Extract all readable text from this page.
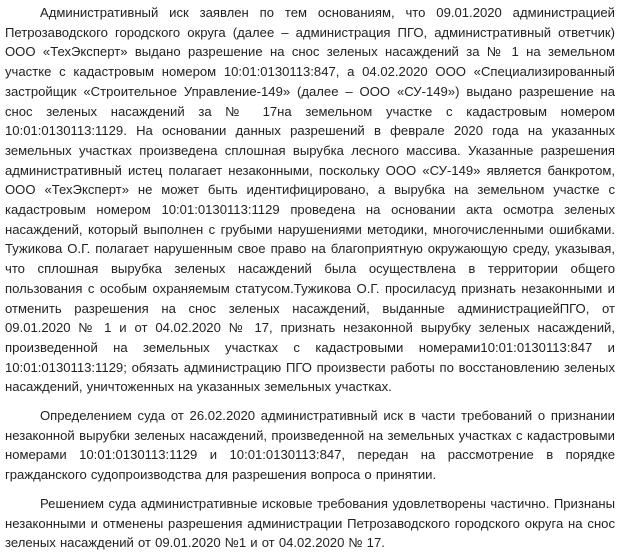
Административный иск заявлен по тем основаниям, что 09.01.2020 администрацией Петрозаводского городского округа (далее – администрация ПГО, административный ответчик) ООО «ТехЭксперт» выдано разрешение на снос зеленых насаждений за № 1 на земельном участке с кадастровым номером 10:01:0130113:847, а 04.02.2020 ООО «Специализированный застройщик «Строительное Управление-149» (далее – ООО «СУ-149») выдано разрешение на снос зеленых насаждений за № 17на земельном участке с кадастровым номером 10:01:0130113:1129. На основании данных разрешений в феврале 2020 года на указанных земельных участках произведена сплошная вырубка лесного массива. Указанные разрешения административный истец полагает незаконными, поскольку ООО «СУ-149» является банкротом, ООО «ТехЭксперт» не может быть идентифицировано, а вырубка на земельном участке с кадастровым номером 10:01:0130113:1129 проведена на основании акта осмотра зеленых насаждений, который выполнен с грубыми нарушениями методики, многочисленными ошибками. Тужикова О.Г. полагает нарушенным свое право на благоприятную окружающую среду, указывая, что сплошная вырубка зеленых насаждений была осуществлена в территории общего пользования с особым охраняемым статусом.Тужикова О.Г. просиласуд признать незаконными и отменить разрешения на снос зеленых насаждений, выданные администрациейПГО, от 09.01.2020 № 1 и от 04.02.2020 № 17, признать незаконной вырубку зеленых насаждений, произведенной на земельных участках с кадастровыми номерами10:01:0130113:847 и 10:01:0130113:1129; обязать администрацию ПГО произвести работы по восстановлению зеленых насаждений, уничтоженных на указанных земельных участках.

Определением суда от 26.02.2020 административный иск в части требований о признании незаконной вырубки зеленых насаждений, произведенной на земельных участках с кадастровыми номерами 10:01:0130113:1129 и 10:01:0130113:847, передан на рассмотрение в порядке гражданского судопроизводства для разрешения вопроса о принятии.

Решением суда административные исковые требования удовлетворены частично. Признаны незаконными и отменены разрешения администрации Петрозаводского городского округа на снос зеленых насаждений от 09.01.2020 №1 и от 04.02.2020 № 17.
